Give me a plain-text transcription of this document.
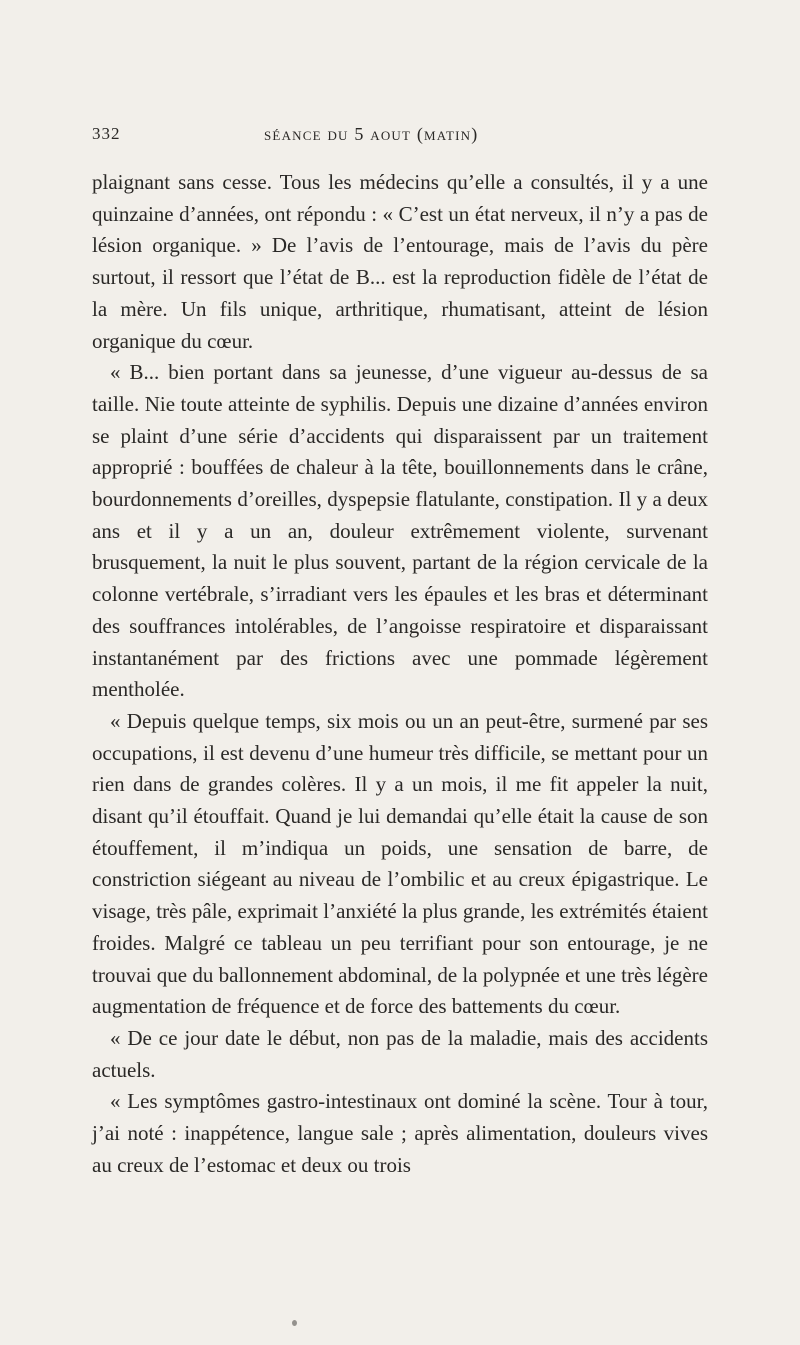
332	séance du 5 aout (matin)

plaignant sans cesse. Tous les médecins qu’elle a consultés, il y a une quinzaine d’années, ont répondu : « C’est un état nerveux, il n’y a pas de lésion organique. » De l’avis de l’entourage, mais de l’avis du père surtout, il ressort que l’état de B... est la reproduction fidèle de l’état de la mère. Un fils unique, arthritique, rhumatisant, atteint de lésion organique du cœur.

« B... bien portant dans sa jeunesse, d’une vigueur au-dessus de sa taille. Nie toute atteinte de syphilis. Depuis une dizaine d’années environ se plaint d’une série d’accidents qui disparaissent par un traitement approprié : bouffées de chaleur à la tête, bouillonnements dans le crâne, bourdonnements d’oreilles, dyspepsie flatulante, constipation. Il y a deux ans et il y a un an, douleur extrêmement violente, survenant brusquement, la nuit le plus souvent, partant de la région cervicale de la colonne vertébrale, s’irradiant vers les épaules et les bras et déterminant des souffrances intolérables, de l’angoisse respiratoire et disparaissant instantanément par des frictions avec une pommade légèrement mentholée.

« Depuis quelque temps, six mois ou un an peut-être, surmené par ses occupations, il est devenu d’une humeur très difficile, se mettant pour un rien dans de grandes colères. Il y a un mois, il me fit appeler la nuit, disant qu’il étouffait. Quand je lui demandai qu’elle était la cause de son étouffement, il m’indiqua un poids, une sensation de barre, de constriction siégeant au niveau de l’ombilic et au creux épigastrique. Le visage, très pâle, exprimait l’anxiété la plus grande, les extrémités étaient froides. Malgré ce tableau un peu terrifiant pour son entourage, je ne trouvai que du ballonnement abdominal, de la polypnée et une très légère augmentation de fréquence et de force des battements du cœur.

« De ce jour date le début, non pas de la maladie, mais des accidents actuels.

« Les symptômes gastro-intestinaux ont dominé la scène. Tour à tour, j’ai noté : inappétence, langue sale ; après alimentation, douleurs vives au creux de l’estomac et deux ou trois
